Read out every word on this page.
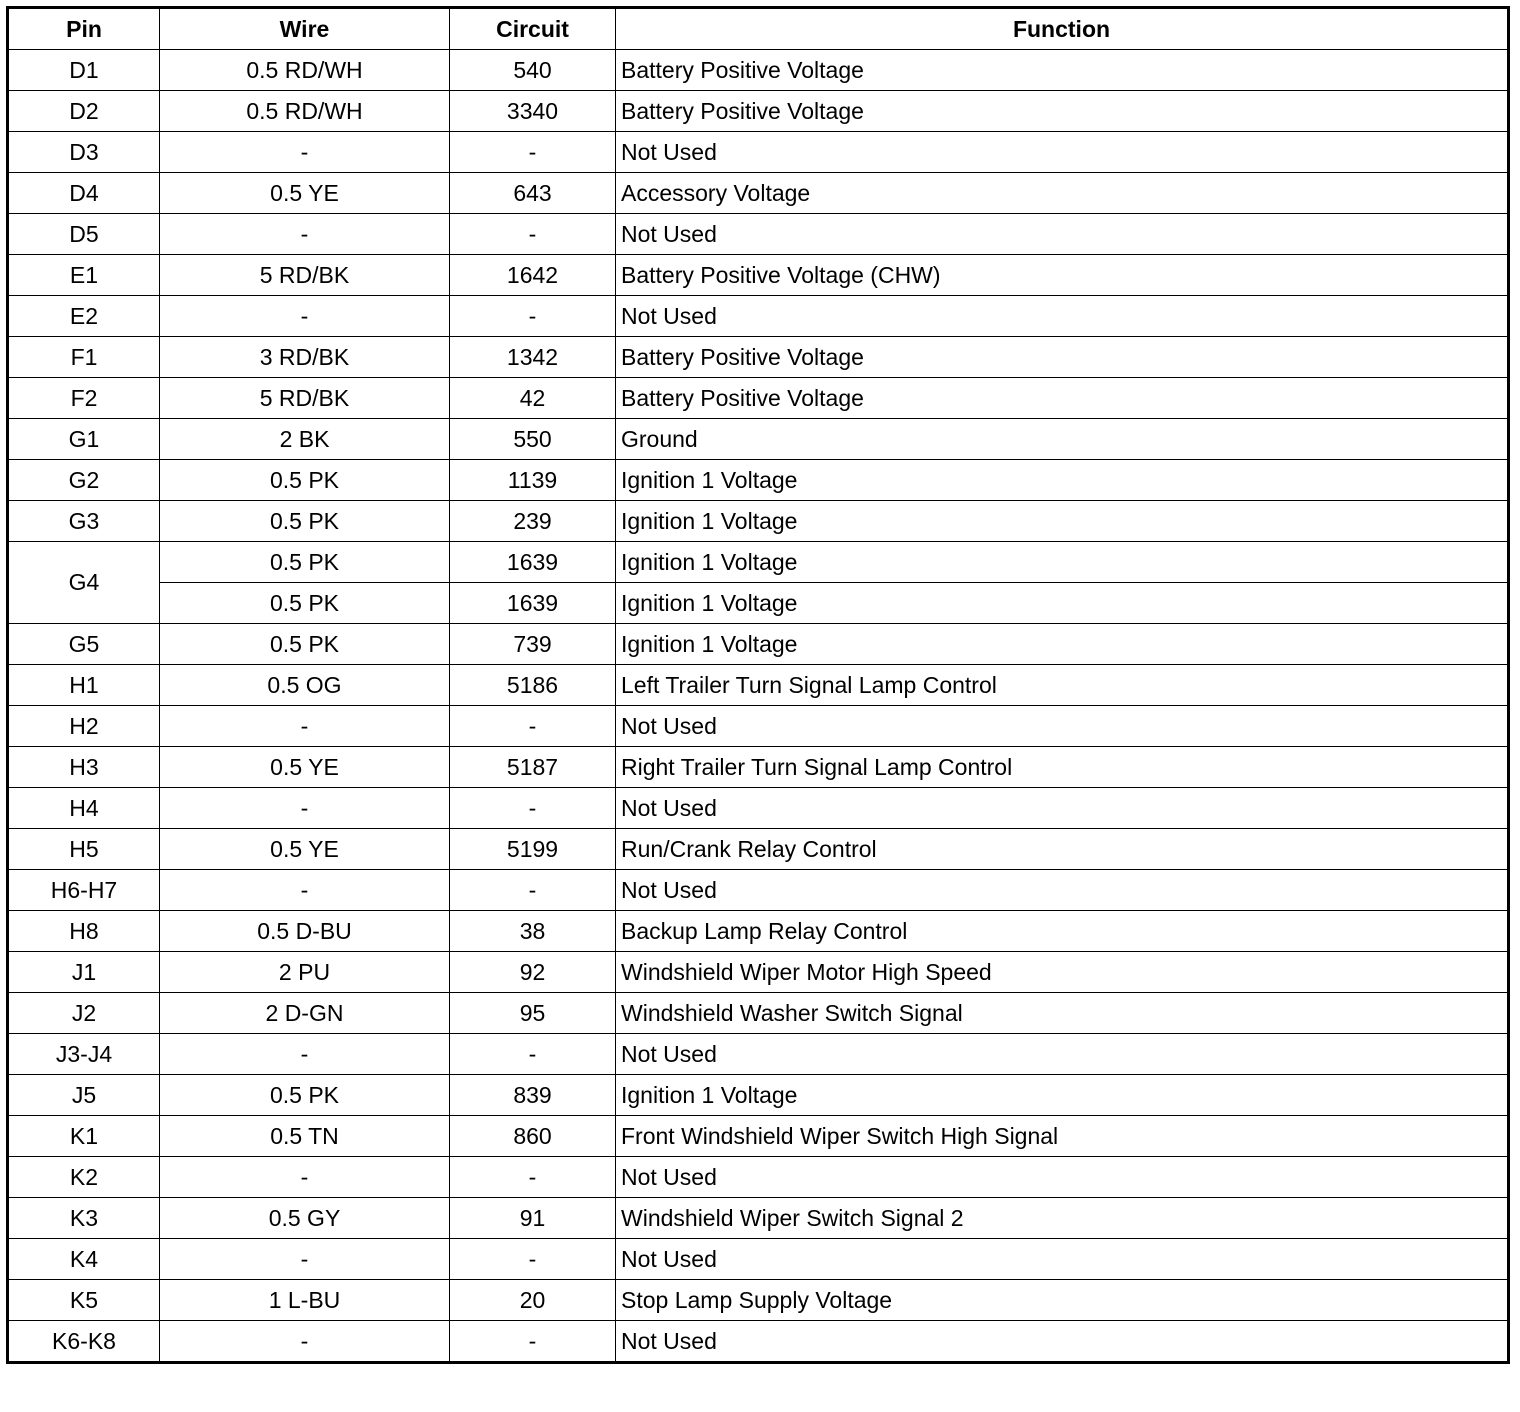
Pin	Wire	Circuit	Function
D1	0.5 RD/WH	540	Battery Positive Voltage
D2	0.5 RD/WH	3340	Battery Positive Voltage
D3	-	-	Not Used
D4	0.5 YE	643	Accessory Voltage
D5	-	-	Not Used
E1	5 RD/BK	1642	Battery Positive Voltage (CHW)
E2	-	-	Not Used
F1	3 RD/BK	1342	Battery Positive Voltage
F2	5 RD/BK	42	Battery Positive Voltage
G1	2 BK	550	Ground
G2	0.5 PK	1139	Ignition 1 Voltage
G3	0.5 PK	239	Ignition 1 Voltage
G4	0.5 PK	1639	Ignition 1 Voltage
	0.5 PK	1639	Ignition 1 Voltage
G5	0.5 PK	739	Ignition 1 Voltage
H1	0.5 OG	5186	Left Trailer Turn Signal Lamp Control
H2	-	-	Not Used
H3	0.5 YE	5187	Right Trailer Turn Signal Lamp Control
H4	-	-	Not Used
H5	0.5 YE	5199	Run/Crank Relay Control
H6-H7	-	-	Not Used
H8	0.5 D-BU	38	Backup Lamp Relay Control
J1	2 PU	92	Windshield Wiper Motor High Speed
J2	2 D-GN	95	Windshield Washer Switch Signal
J3-J4	-	-	Not Used
J5	0.5 PK	839	Ignition 1 Voltage
K1	0.5 TN	860	Front Windshield Wiper Switch High Signal
K2	-	-	Not Used
K3	0.5 GY	91	Windshield Wiper Switch Signal 2
K4	-	-	Not Used
K5	1 L-BU	20	Stop Lamp Supply Voltage
K6-K8	-	-	Not Used
